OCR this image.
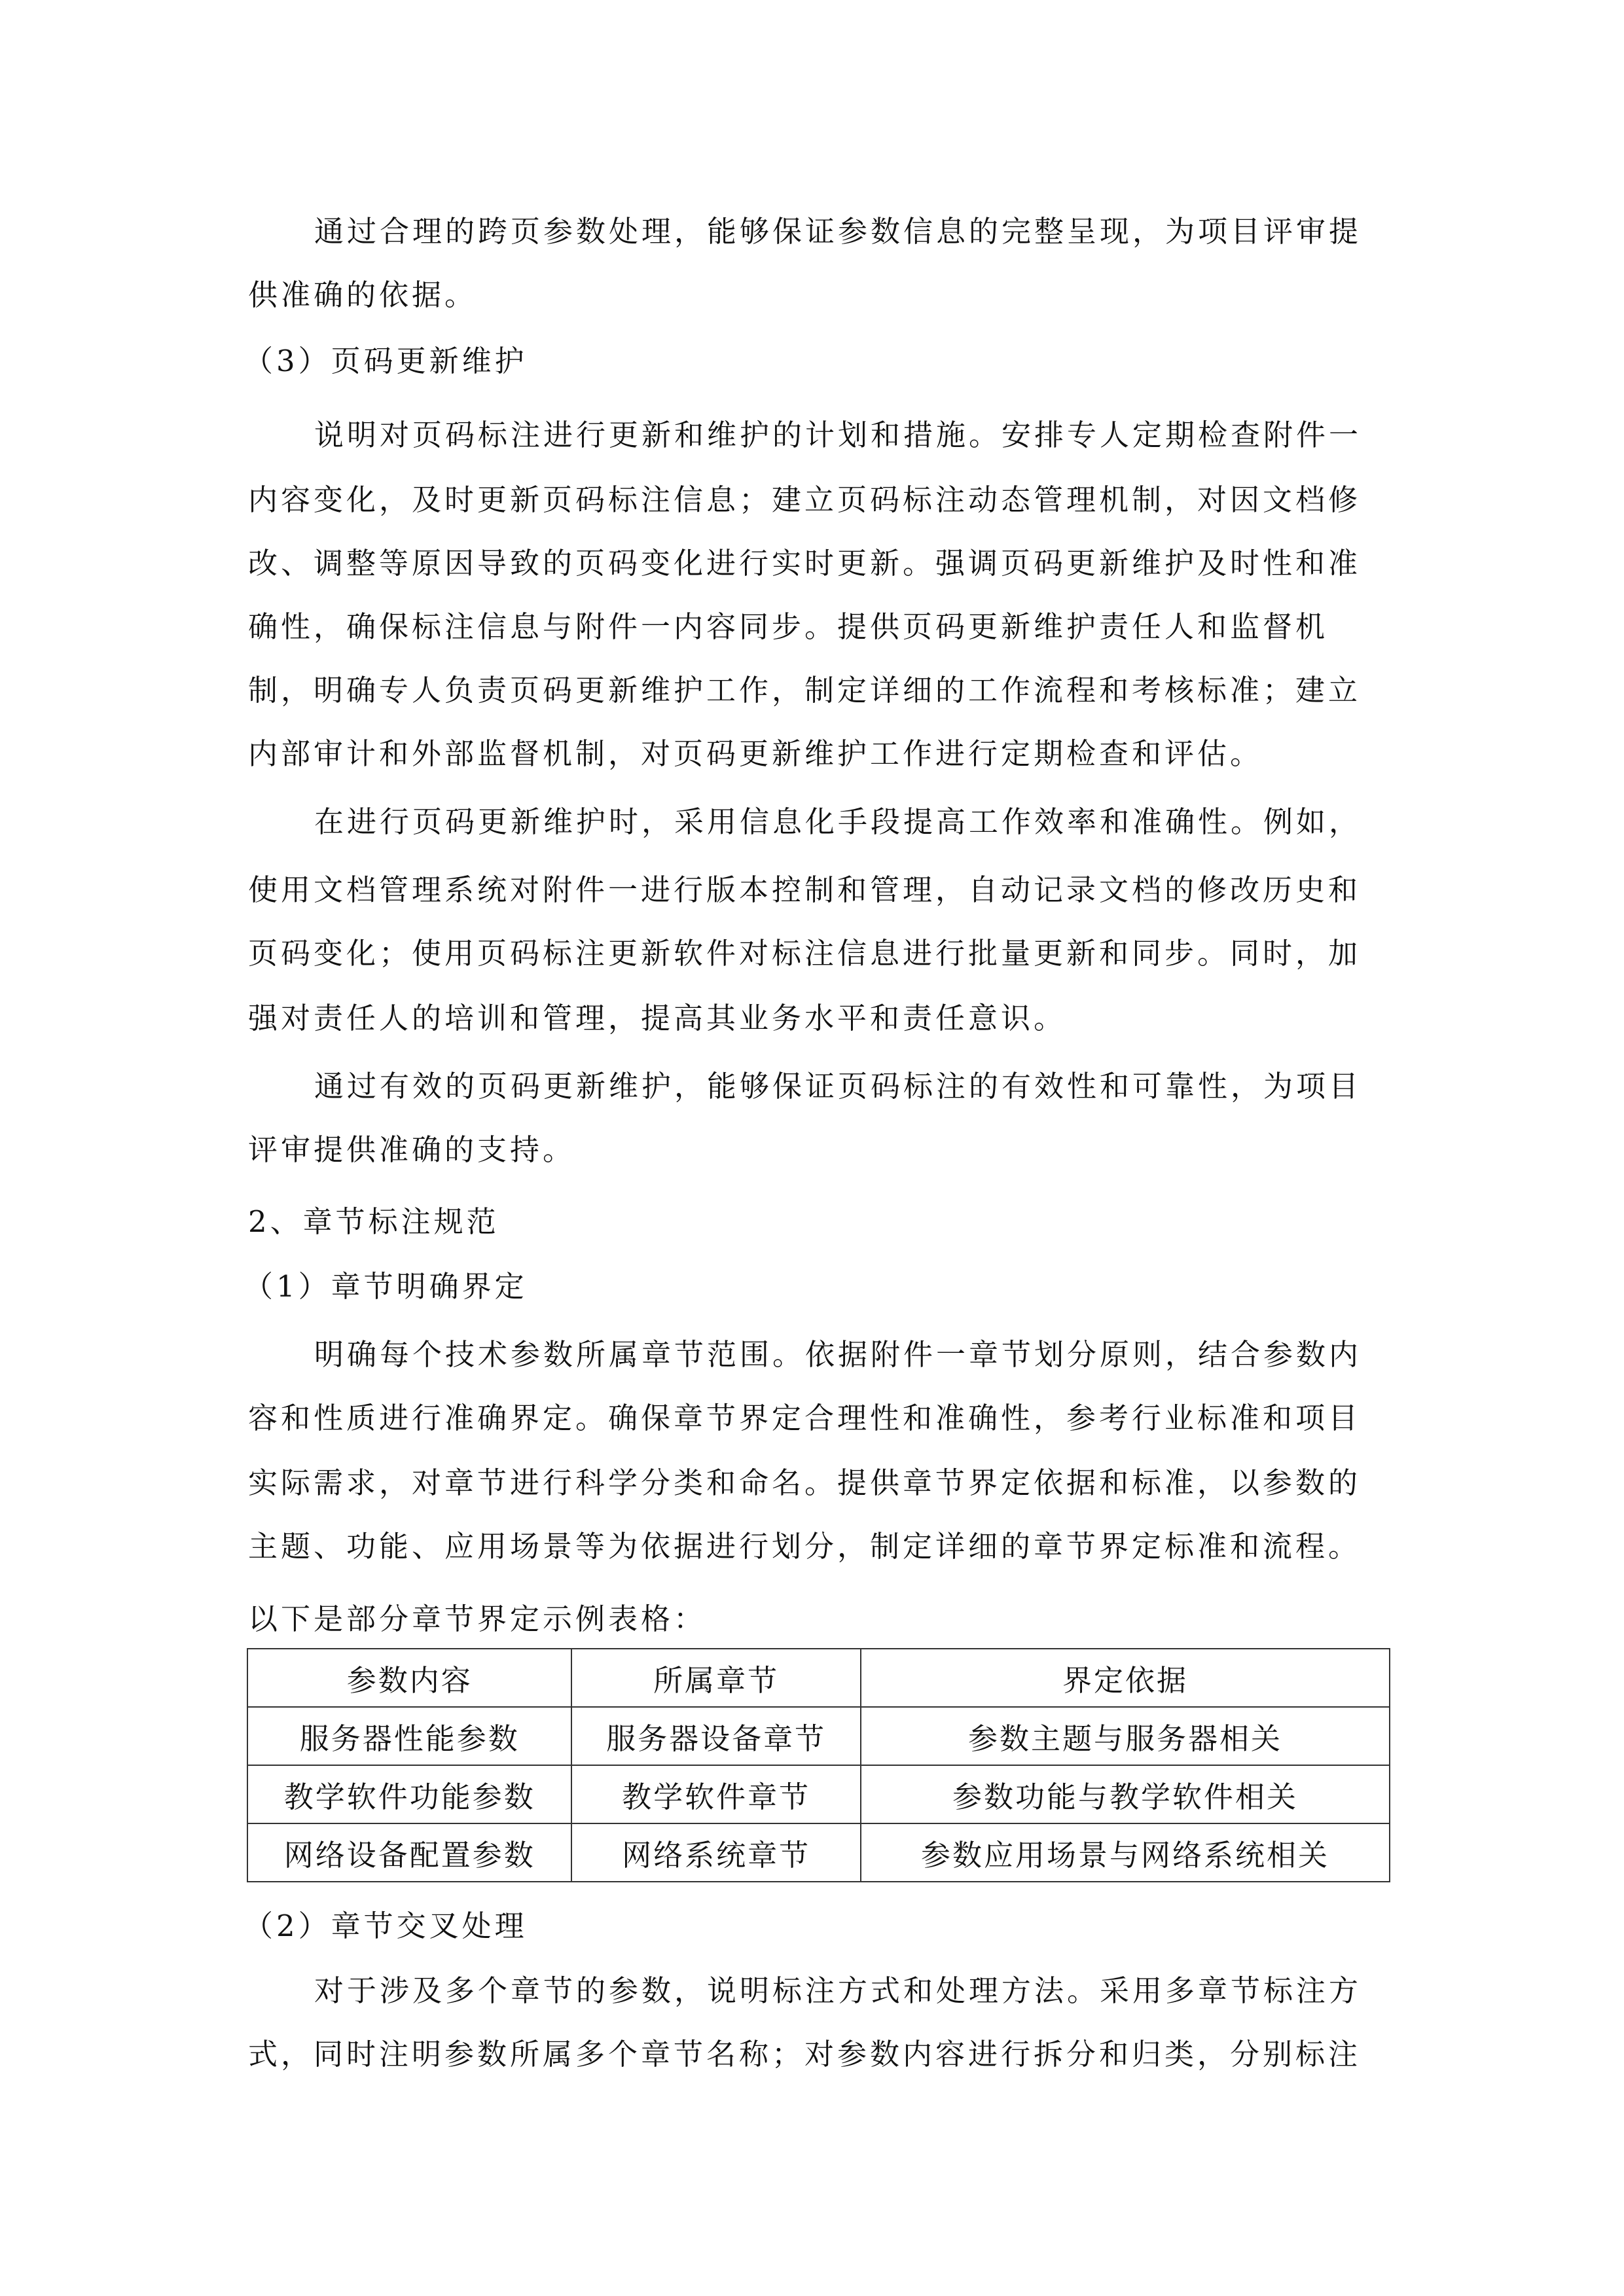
通过合理的跨页参数处理，能够保证参数信息的完整呈现，为项目评审提
供准确的依据。
（3）页码更新维护
说明对页码标注进行更新和维护的计划和措施。安排专人定期检查附件一
内容变化，及时更新页码标注信息；建立页码标注动态管理机制，对因文档修
改、调整等原因导致的页码变化进行实时更新。强调页码更新维护及时性和准
确性，确保标注信息与附件一内容同步。提供页码更新维护责任人和监督机
制，明确专人负责页码更新维护工作，制定详细的工作流程和考核标准；建立
内部审计和外部监督机制，对页码更新维护工作进行定期检查和评估。
在进行页码更新维护时，采用信息化手段提高工作效率和准确性。例如，
使用文档管理系统对附件一进行版本控制和管理，自动记录文档的修改历史和
页码变化；使用页码标注更新软件对标注信息进行批量更新和同步。同时，加
强对责任人的培训和管理，提高其业务水平和责任意识。
通过有效的页码更新维护，能够保证页码标注的有效性和可靠性，为项目
评审提供准确的支持。
2、章节标注规范
（1）章节明确界定
明确每个技术参数所属章节范围。依据附件一章节划分原则，结合参数内
容和性质进行准确界定。确保章节界定合理性和准确性，参考行业标准和项目
实际需求，对章节进行科学分类和命名。提供章节界定依据和标准，以参数的
主题、功能、应用场景等为依据进行划分，制定详细的章节界定标准和流程。
以下是部分章节界定示例表格：
参数内容	所属章节	界定依据
服务器性能参数	服务器设备章节	参数主题与服务器相关
教学软件功能参数	教学软件章节	参数功能与教学软件相关
网络设备配置参数	网络系统章节	参数应用场景与网络系统相关
（2）章节交叉处理
对于涉及多个章节的参数，说明标注方式和处理方法。采用多章节标注方
式，同时注明参数所属多个章节名称；对参数内容进行拆分和归类，分别标注
